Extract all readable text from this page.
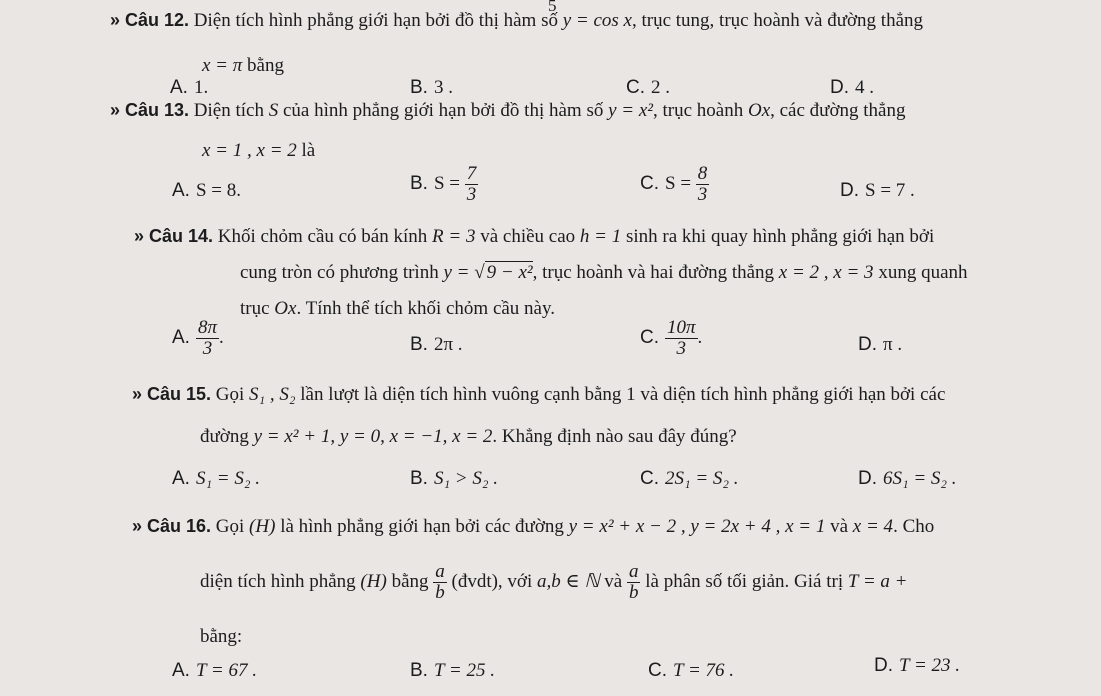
5
» Câu 12. Diện tích hình phẳng giới hạn bởi đồ thị hàm số y = cos x, trục tung, trục hoành và đường thẳng
x = π bằng
A. 1.	B. 3 .	C. 2 .	D. 4 .
» Câu 13. Diện tích S của hình phẳng giới hạn bởi đồ thị hàm số y = x², trục hoành Ox, các đường thẳng
x = 1 , x = 2 là
A. S = 8.	B. $S = \frac{7}{3}$	C. $S = \frac{8}{3}$	D. S = 7 .
» Câu 14. Khối chỏm cầu có bán kính R = 3 và chiều cao h = 1 sinh ra khi quay hình phẳng giới hạn bởi
cung tròn có phương trình y = √ 9 − x², trục hoành và hai đường thẳng x = 2 , x = 3 xung quanh
trục Ox. Tính thể tích khối chỏm cầu này.
A. $\frac{8\pi}{3}$ .	B. 2π .	C. $\frac{10\pi}{3}$ .	D. π .
» Câu 15. Gọi S₁ , S₂ lần lượt là diện tích hình vuông cạnh bằng 1 và diện tích hình phẳng giới hạn bởi các
đường y = x² + 1, y = 0, x = −1, x = 2. Khẳng định nào sau đây đúng?
A. S₁ = S₂ .	B. S₁ > S₂ .	C. 2S₁ = S₂ .	D. 6S₁ = S₂ .
» Câu 16. Gọi (H) là hình phẳng giới hạn bởi các đường y = x² + x − 2 , y = 2x + 4 , x = 1 và x = 4. Cho
diện tích hình phẳng (H) bằng $\frac{a}{b}$ (đvdt), với a,b ∈ ℕ và $\frac{a}{b}$ là phân số tối giản. Giá trị T = a +
bằng:
A. T = 67 .	B. T = 25 .	C. T = 76 .	D. T = 23 .
